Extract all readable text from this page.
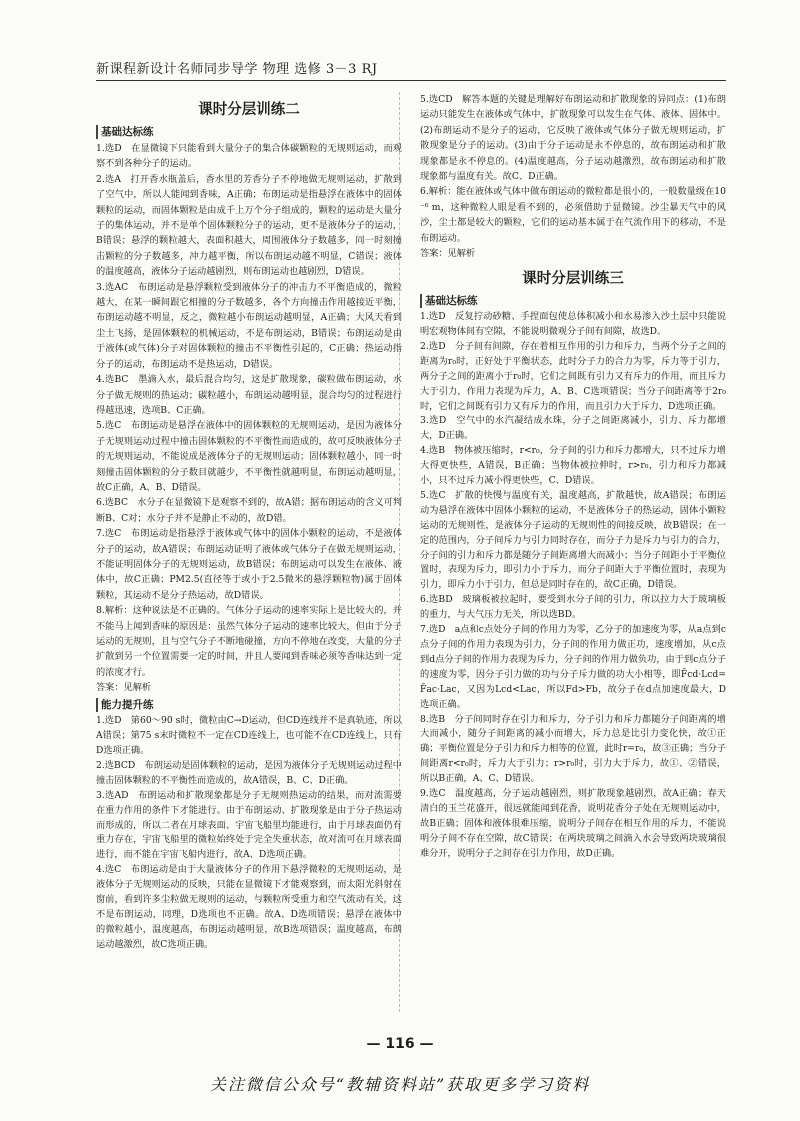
新课程新设计名师同步导学 物理 选修 3－3 RJ
课时分层训练二
基础达标练

1.选D　在显微镜下只能看到大量分子的集合体碳颗粒的无规则运动，而观察不到各种分子的运动。

2.选A　打开香水瓶盖后，香水里的芳香分子不停地做无规则运动，扩散到了空气中，所以人能闻到香味，A正确；布朗运动是指悬浮在液体中的固体颗粒的运动，而固体颗粒是由成千上万个分子组成的，颗粒的运动是大量分子的集体运动，并不是单个固体颗粒分子的运动，更不是液体分子的运动，B错误；悬浮的颗粒越大，表面积越大，周围液体分子数越多，同一时刻撞击颗粒的分子数越多，冲力越平衡，所以布朗运动越不明显，C错误；液体的温度越高，液体分子运动越剧烈，则布朗运动也越剧烈，D错误。

3.选AC　布朗运动是悬浮颗粒受到液体分子的冲击力不平衡造成的，微粒越大，在某一瞬间跟它相撞的分子数越多，各个方向撞击作用越接近平衡，布朗运动越不明显，反之，微粒越小布朗运动越明显，A正确；大风天看到尘土飞扬，是固体颗粒的机械运动，不是布朗运动，B错误；布朗运动是由于液体(或气体)分子对固体颗粒的撞击不平衡性引起的，C正确；热运动指分子的运动，布朗运动不是热运动，D错误。

4.选BC　墨滴入水，最后混合均匀，这是扩散现象，碳粒做布朗运动，水分子做无规则的热运动；碳粒越小，布朗运动越明显，混合均匀的过程进行得越迅速，选项B、C正确。

5.选C　布朗运动是悬浮在液体中的固体颗粒的无规则运动，是因为液体分子无规则运动过程中撞击固体颗粒的不平衡性而造成的，故可反映液体分子的无规则运动，不能说成是液体分子的无规则运动；固体颗粒越小，同一时刻撞击固体颗粒的分子数目就越少，不平衡性就越明显，布朗运动越明显，故C正确，A、B、D错误。

6.选BC　水分子在显微镜下是观察不到的，故A错；据布朗运动的含义可判断B、C对；水分子并不是静止不动的，故D错。

7.选C　布朗运动是指悬浮于液体或气体中的固体小颗粒的运动，不是液体分子的运动，故A错误；布朗运动证明了液体或气体分子在做无规则运动，不能证明固体分子的无规则运动，故B错误；布朗运动可以发生在液体、液体中，故C正确；PM2.5(直径等于或小于2.5微米的悬浮颗粒物)属于固体颗粒，其运动不是分子热运动，故D错误。

8.解析：这种说法是不正确的。气体分子运动的速率实际上是比较大的，并不能马上闻到香味的原因是：虽然气体分子运动的速率比较大，但由于分子运动的无规则，且与空气分子不断地碰撞，方向不停地在改变，大量的分子扩散到另一个位置需要一定的时间，并且人要闻到香味必须等香味达到一定的浓度才行。

答案：见解析

能力提升练

1.选D　第60～90 s时，微粒由C→D运动，但CD连线并不是真轨迹，所以A错误；第75 s末时微粒不一定在CD连线上，也可能不在CD连线上，只有D选项正确。

2.选BCD　布朗运动是固体颗粒的运动，是因为液体分子无规则运动过程中撞击固体颗粒的不平衡性而造成的，故A错误，B、C、D正确。

3.选AD　布朗运动和扩散现象都是分子无规则热运动的结果，而对流需要在重力作用的条件下才能进行。由于布朗运动、扩散现象是由于分子热运动而形成的，所以二者在月球表面、宇宙飞船里均能进行，由于月球表面仍有重力存在，宇宙飞船里的微粒始终处于完全失重状态，故对流可在月球表面进行，而不能在宇宙飞船内进行，故A、D选项正确。

4.选C　布朗运动是由于大量液体分子的作用下悬浮微粒的无规则运动，是液体分子无规则运动的反映，只能在显微镜下才能观察到，而太阳光斜射在窗前，看到许多尘粒做无规则的运动，与颗粒所受重力和空气流动有关，这不是布朗运动，同理，D选项也不正确。故A、D选项错误；悬浮在液体中的微粒越小，温度越高，布朗运动越明显，故B选项错误；温度越高，布朗运动越激烈，故C选项正确。

5.选CD　解答本题的关键是理解好布朗运动和扩散现象的异同点：(1)布朗运动只能发生在液体或气体中，扩散现象可以发生在气体、液体、固体中。(2)布朗运动不是分子的运动，它反映了液体或气体分子做无规则运动，扩散现象是分子的运动。(3)由于分子运动是永不停息的，故布朗运动和扩散现象都是永不停息的。(4)温度越高，分子运动越激烈，故布朗运动和扩散现象都与温度有关。故C、D正确。

6.解析：能在液体或气体中做布朗运动的微粒都是很小的，一般数量级在10⁻⁶ m，这种微粒人眼是看不到的，必须借助于显微镜。沙尘暴天气中的风沙，尘土都是较大的颗粒，它们的运动基本属于在气流作用下的移动，不是布朗运动。

答案：见解析

课时分层训练三
基础达标练

1.选D　反复拧动砂糖、手捏面包使总体积减小和水易渗入沙土层中只能说明宏观物体间有空隙，不能说明微观分子间有间隙，故选D。

2.选D　分子间有间隙，存在着相互作用的引力和斥力，当两个分子之间的距离为r₀时，正好处于平衡状态，此时分子力的合力为零，斥力等于引力，两分子之间的距离小于r₀时，它们之间既有引力又有斥力的作用，而且斥力大于引力，作用力表现为斥力，A、B、C选项错误；当分子间距离等于2r₀时，它们之间既有引力又有斥力的作用，而且引力大于斥力，D选项正确。

3.选D　空气中的水汽凝结成水珠，分子之间距离减小，引力、斥力都增大，D正确。

4.选B　物体被压缩时，r<r₀，分子间的引力和斥力都增大，只不过斥力增大得更快些，A错误，B正确；当物体被拉伸时，r>r₀，引力和斥力都减小，只不过斥力减小得更快些，C、D错误。

5.选C　扩散的快慢与温度有关，温度越高，扩散越快，故A错误；布朗运动为悬浮在液体中固体小颗粒的运动，不是液体分子的热运动，固体小颗粒运动的无规则性，是液体分子运动的无规则性的间接反映，故B错误；在一定的范围内，分子间斥力与引力同时存在，而分子力是斥力与引力的合力，分子间的引力和斥力都是随分子间距离增大而减小；当分子间距小于平衡位置时，表现为斥力，即引力小于斥力，而分子间距大于平衡位置时，表现为引力，即斥力小于引力，但总是同时存在的，故C正确，D错误。

6.选BD　玻璃板被拉起时，要受到水分子间的引力，所以拉力大于玻璃板的重力，与大气压力无关，所以选BD。

7.选D　a点和c点处分子间的作用力为零，乙分子的加速度为零，从a点到c点分子间的作用力表现为引力，分子间的作用力做正功，速度增加，从c点到d点分子间的作用力表现为斥力，分子间的作用力做负功，由于到c点分子的速度为零，因分子引力做的功与分子斥力做的功大小相等，即F̄cd·Lcd=F̄ac·Lac，又因为Lcd<Lac，所以Fd>Fb，故分子在d点加速度最大，D选项正确。

8.选B　分子间同时存在引力和斥力，分子引力和斥力都随分子间距离的增大而减小，随分子间距离的减小而增大，斥力总是比引力变化快，故①正确；平衡位置是分子引力和斥力相等的位置，此时r=r₀，故③正确；当分子间距离r<r₀时，斥力大于引力；r>r₀时，引力大于斥力，故①、②错误，所以B正确，A、C、D错误。

9.选C　温度越高，分子运动越剧烈，则扩散现象越剧烈，故A正确；春天清白的玉兰花盛开，很远就能闻到花香，说明花香分子处在无规则运动中，故B正确；固体和液体很难压缩，说明分子间存在相互作用的斥力，不能说明分子间不存在空隙，故C错误；在两块玻璃之间滴入水会导致两块玻璃很难分开，说明分子之间存在引力作用，故D正确。

— 116 —
关注微信公众号“教辅资料站”获取更多学习资料
